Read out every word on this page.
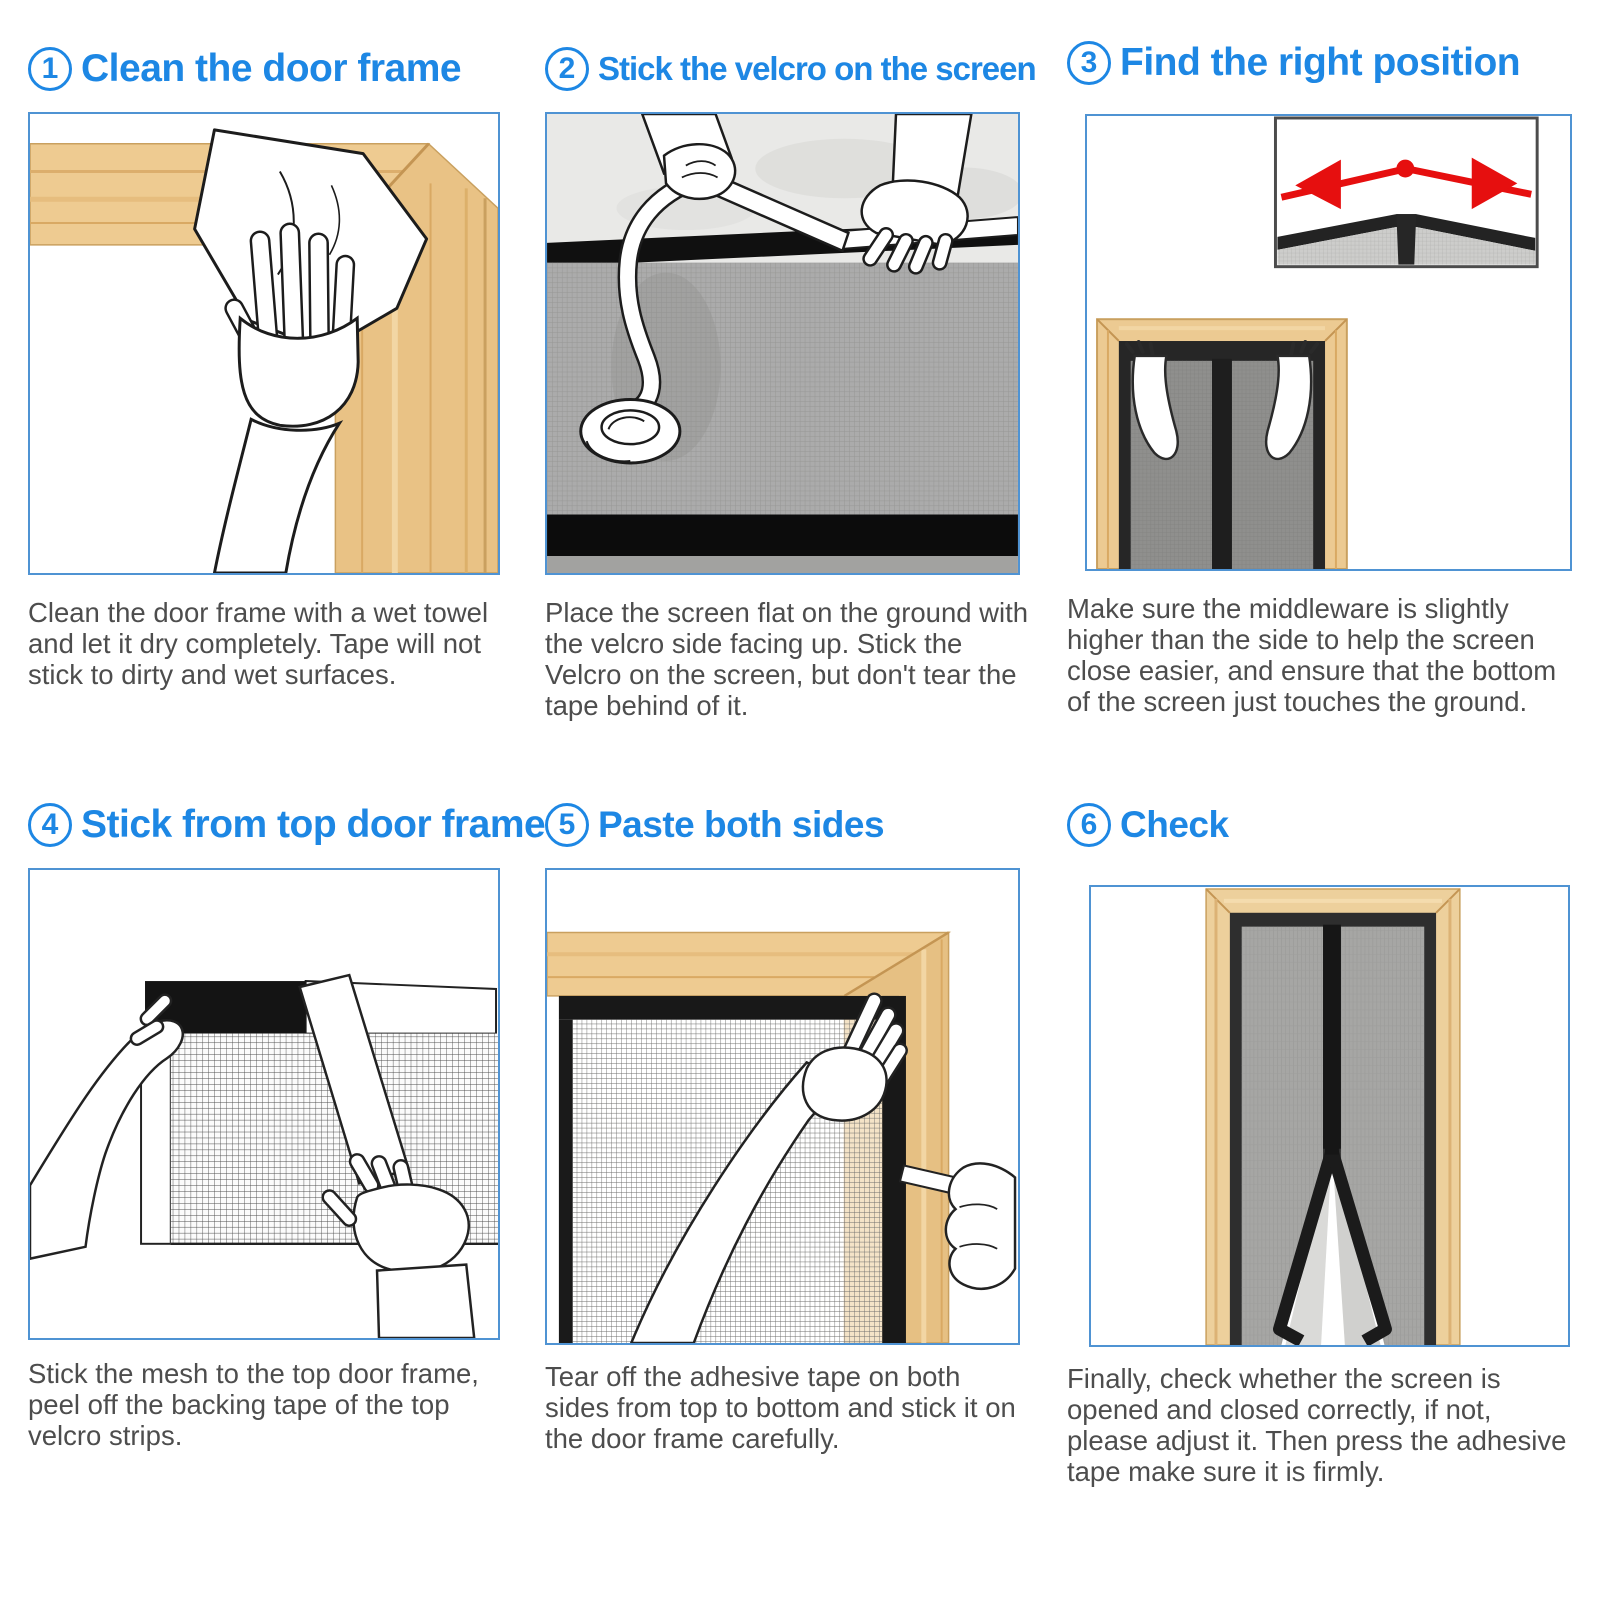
1 Clean the door frame

Clean the door frame with a wet towel and let it dry completely. Tape will not stick to dirty and wet surfaces.

2 Stick the velcro on the screen

Place the screen flat on the ground with the velcro side facing up. Stick the Velcro on the screen, but don't tear the tape behind of it.

3 Find the right position

Make sure the middleware is slightly higher than the side to help the screen close easier, and ensure that the bottom of the screen just touches the ground.

4 Stick from top door frame

Stick the mesh to the top door frame, peel off the backing tape of the top velcro strips.

5 Paste both sides

Tear off the adhesive tape on both sides from top to bottom and stick it on the door frame carefully.

6 Check

Finally, check whether the screen is opened and closed correctly, if not, please adjust it. Then press the adhesive tape make sure it is firmly.
